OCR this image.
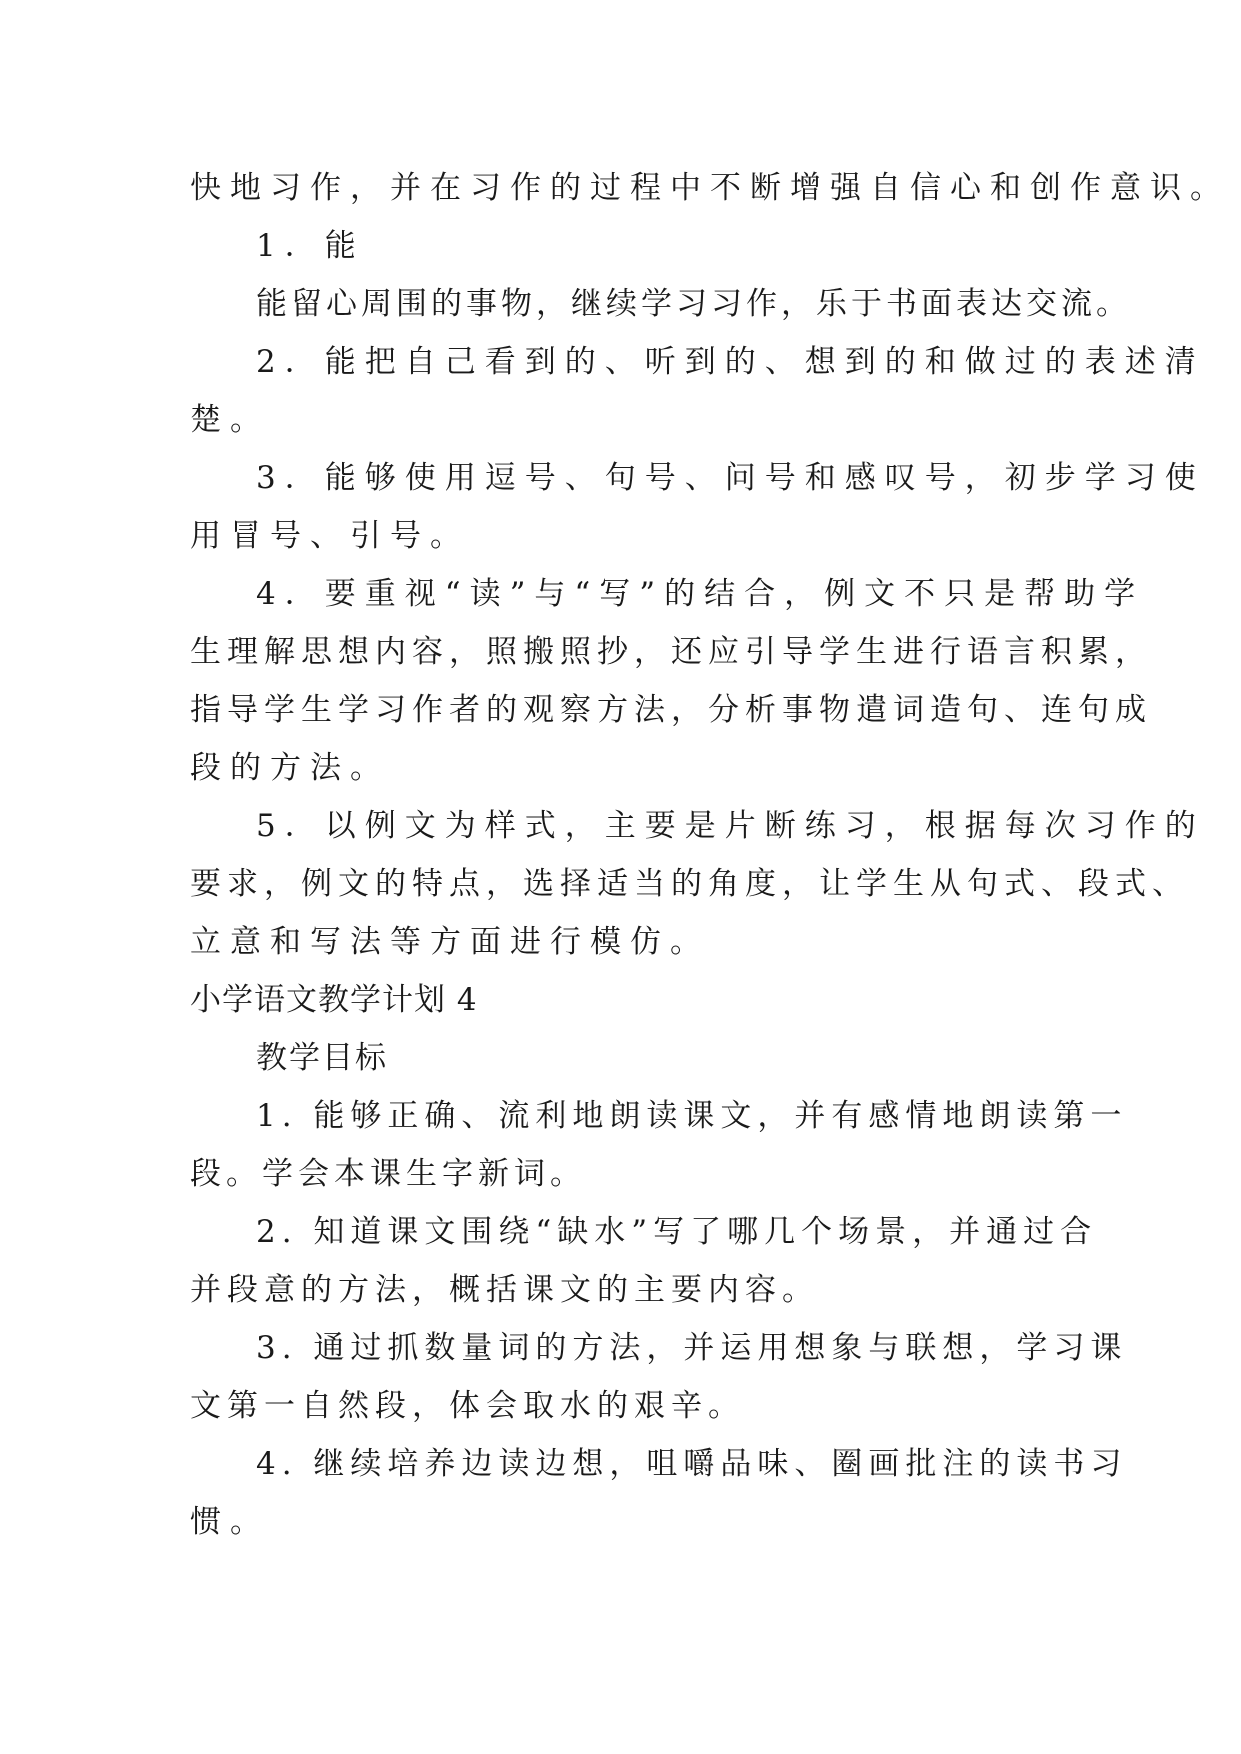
快地习作，并在习作的过程中不断增强自信心和创作意识。
1．能
能留心周围的事物，继续学习习作，乐于书面表达交流。
2．能把自己看到的、听到的、想到的和做过的表述清
楚。
3．能够使用逗号、句号、问号和感叹号，初步学习使
用冒号、引号。
4．要重视“读”与“写”的结合，例文不只是帮助学
生理解思想内容，照搬照抄，还应引导学生进行语言积累，
指导学生学习作者的观察方法，分析事物遣词造句、连句成
段的方法。
5．以例文为样式，主要是片断练习，根据每次习作的
要求，例文的特点，选择适当的角度，让学生从句式、段式、
立意和写法等方面进行模仿。
小学语文教学计划 4
教学目标
1. 能够正确、流利地朗读课文，并有感情地朗读第一
段。学会本课生字新词。
2. 知道课文围绕“缺水”写了哪几个场景，并通过合
并段意的方法，概括课文的主要内容。
3. 通过抓数量词的方法，并运用想象与联想，学习课
文第一自然段，体会取水的艰辛。
4. 继续培养边读边想，咀嚼品味、圈画批注的读书习
惯。
